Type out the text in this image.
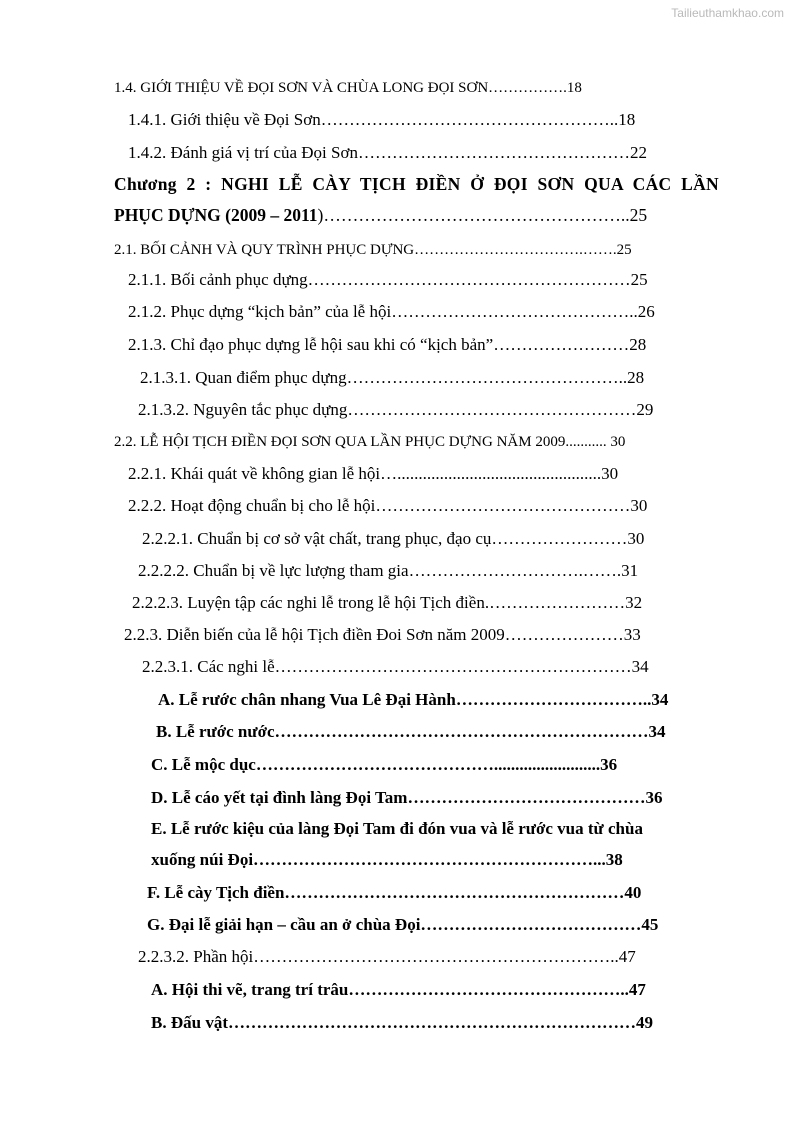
Tailieuthamkhao.com
1.4. GIỚI THIỆU VỀ ĐỌI SƠN VÀ CHÙA LONG ĐỌI SƠN…………….18
1.4.1. Giới thiệu về Đọi Sơn……………………………………………..18
1.4.2. Đánh giá vị trí của Đọi Sơn…………………………………………22
Chương 2 : NGHI LỄ CÀY TỊCH ĐIỀN Ở ĐỌI SƠN QUA CÁC LẦN
PHỤC DỰNG (2009 – 2011)……………………………………………..25
2.1. BỐI CẢNH VÀ QUY TRÌNH PHỤC DỰNG…………………………….…….25
2.1.1. Bối cảnh phục dựng…………………………………………………25
2.1.2. Phục dựng “kịch bản” của lễ hội……………………………………..26
2.1.3. Chỉ đạo phục dựng lễ hội sau khi có “kịch bản”……………………28
2.1.3.1. Quan điểm phục dựng…………………………………………..28
2.1.3.2. Nguyên tắc phục dựng……………………………………………29
2.2. LỄ HỘI TỊCH ĐIỀN ĐỌI SƠN QUA LẦN PHỤC DỰNG NĂM 2009........... 30
2.2.1. Khái quát về không gian lễ hội…................................................30
2.2.2. Hoạt động chuẩn bị cho lễ hội………………………………………30
2.2.2.1. Chuẩn bị cơ sở vật chất, trang phục, đạo cụ……………………30
2.2.2.2. Chuẩn bị về lực lượng tham gia………………………….…….31
2.2.2.3. Luyện tập các nghi lễ trong lễ hội Tịch điền.……………………32
2.2.3. Diễn biến của lễ hội Tịch điền Đoi Sơn năm 2009…………………33
2.2.3.1. Các nghi lễ………………………………………………………34
A. Lễ rước chân nhang Vua Lê Đại Hành……………………………..34
B. Lễ rước nước…………………………………………………………34
C. Lễ mộc dục…………………………………….........................36
D. Lễ cáo yết tại đình làng Đọi Tam……………………………………36
E. Lễ rước kiệu của làng Đọi Tam đi đón vua và lễ rước vua từ chùa
xuống núi Đọi……………………………………………………...38
F. Lễ cày Tịch điền……………………………………………………40
G. Đại lễ giải hạn – cầu an ở chùa Đọi…………………………………45
2.2.3.2. Phần hội………………………………………………………..47
A. Hội thi vẽ, trang trí trâu…………………………………………..47
B. Đấu vật………………………………………………………………49
